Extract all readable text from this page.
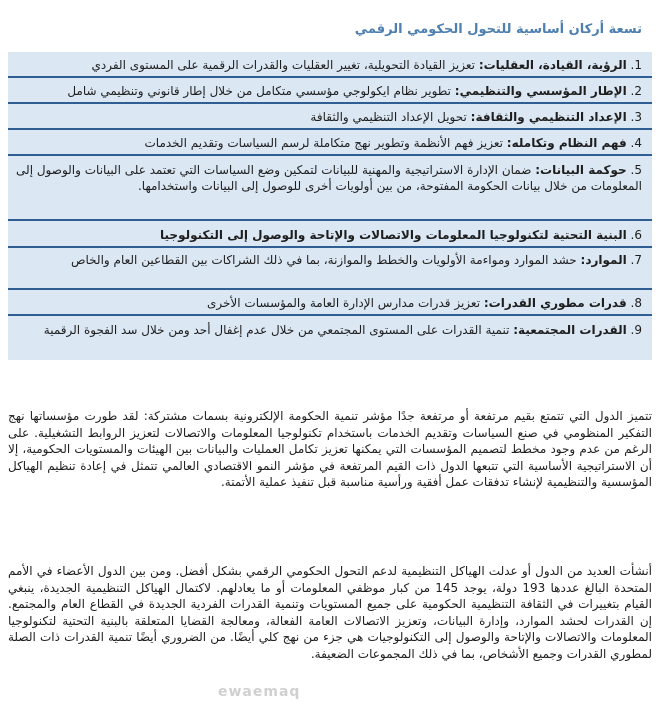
تسعة أركان أساسية للتحول الحكومي الرقمي
1. الرؤية، القيادة، العقليات: تعزيز القيادة التحويلية، تغيير العقليات والقدرات الرقمية على المستوى الفردي
2. الإطار المؤسسي والتنظيمي: تطوير نظام ايكولوجي مؤسسي متكامل من خلال إطار قانوني وتنظيمي شامل
3. الإعداد التنظيمي والثقافة: تحويل الإعداد التنظيمي والثقافة
4. فهم النظام وتكامله: تعزيز فهم الأنظمة وتطوير نهج متكاملة لرسم السياسات وتقديم الخدمات
5. حوكمة البيانات: ضمان الإدارة الاستراتيجية والمهنية للبيانات لتمكين وضع السياسات التي تعتمد على البيانات والوصول إلى المعلومات من خلال بيانات الحكومة المفتوحة، من بين أولويات أخرى للوصول إلى البيانات واستخدامها.
6. البنية التحتية لتكنولوجيا المعلومات والاتصالات والإتاحة والوصول إلى التكنولوجيا
7. الموارد: حشد الموارد ومواءمة الأولويات والخطط والموازنة، بما في ذلك الشراكات بين القطاعين العام والخاص
8. قدرات مطوري القدرات: تعزيز قدرات مدارس الإدارة العامة والمؤسسات الأخرى
9. القدرات المجتمعية: تنمية القدرات على المستوى المجتمعي من خلال عدم إغفال أحد ومن خلال سد الفجوة الرقمية

تتميز الدول التي تتمتع بقيم مرتفعة أو مرتفعة جدًا مؤشر تنمية الحكومة الإلكترونية بسمات مشتركة: لقد طورت مؤسساتها نهج التفكير المنظومي في صنع السياسات وتقديم الخدمات باستخدام تكنولوجيا المعلومات والاتصالات لتعزيز الروابط التشغيلية. على الرغم من عدم وجود مخطط لتصميم المؤسسات التي يمكنها تعزيز تكامل العمليات والبيانات بين الهيئات والمستويات الحكومية، إلا أن الاستراتيجية الأساسية التي تتبعها الدول ذات القيم المرتفعة في مؤشر النمو الاقتصادي العالمي تتمثل في إعادة تنظيم الهياكل المؤسسية والتنظيمية لإنشاء تدفقات عمل أفقية ورأسية مناسبة قبل تنفيذ عملية الأتمتة.

أنشأت العديد من الدول أو عدلت الهياكل التنظيمية لدعم التحول الحكومي الرقمي بشكل أفضل. ومن بين الدول الأعضاء في الأمم المتحدة البالغ عددها 193 دولة، يوجد 145 من كبار موظفي المعلومات أو ما يعادلهم. لاكتمال الهياكل التنظيمية الجديدة، ينبغي القيام بتغييرات في الثقافة التنظيمية الحكومية على جميع المستويات وتنمية القدرات الفردية الجديدة في القطاع العام والمجتمع. إن القدرات لحشد الموارد، وإدارة البيانات، وتعزيز الاتصالات العامة الفعالة، ومعالجة القضايا المتعلقة بالبنية التحتية لتكنولوجيا المعلومات والاتصالات والإتاحة والوصول إلى التكنولوجيات هي جزء من نهج كلي أيضًا. من الضروري أيضًا تنمية القدرات ذات الصلة لمطوري القدرات وجميع الأشخاص، بما في ذلك المجموعات الضعيفة.

ewaemaq
